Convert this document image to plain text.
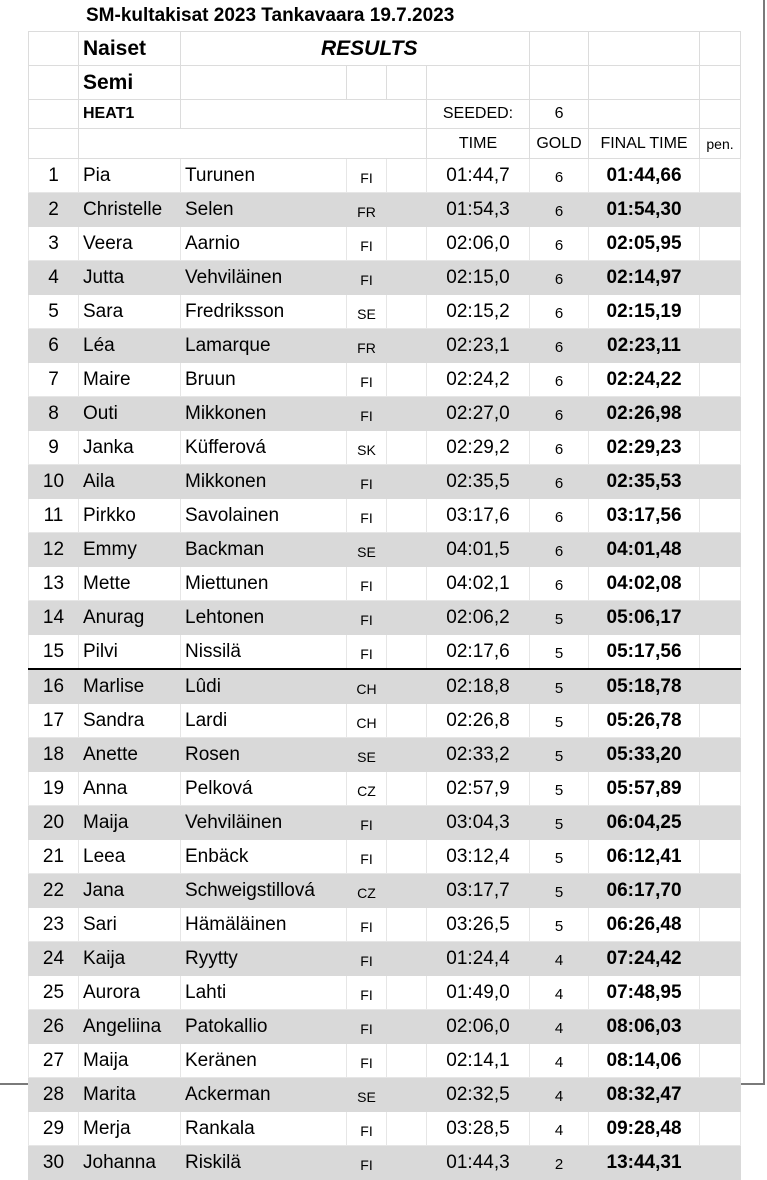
SM-kultakisat 2023 Tankavaara 19.7.2023
	Naiset	RESULTS						
	Semi							
	HEAT1				SEEDED:	6		
					TIME	GOLD	FINAL TIME	pen.
1	Pia	Turunen	FI		01:44,7	6	01:44,66	
2	Christelle	Selen	FR		01:54,3	6	01:54,30	
3	Veera	Aarnio	FI		02:06,0	6	02:05,95	
4	Jutta	Vehviläinen	FI		02:15,0	6	02:14,97	
5	Sara	Fredriksson	SE		02:15,2	6	02:15,19	
6	Léa	Lamarque	FR		02:23,1	6	02:23,11	
7	Maire	Bruun	FI		02:24,2	6	02:24,22	
8	Outi	Mikkonen	FI		02:27,0	6	02:26,98	
9	Janka	Küfferová	SK		02:29,2	6	02:29,23	
10	Aila	Mikkonen	FI		02:35,5	6	02:35,53	
11	Pirkko	Savolainen	FI		03:17,6	6	03:17,56	
12	Emmy	Backman	SE		04:01,5	6	04:01,48	
13	Mette	Miettunen	FI		04:02,1	6	04:02,08	
14	Anurag	Lehtonen	FI		02:06,2	5	05:06,17	
15	Pilvi	Nissilä	FI		02:17,6	5	05:17,56	
16	Marlise	Lûdi	CH		02:18,8	5	05:18,78	
17	Sandra	Lardi	CH		02:26,8	5	05:26,78	
18	Anette	Rosen	SE		02:33,2	5	05:33,20	
19	Anna	Pelková	CZ		02:57,9	5	05:57,89	
20	Maija	Vehviläinen	FI		03:04,3	5	06:04,25	
21	Leea	Enbäck	FI		03:12,4	5	06:12,41	
22	Jana	Schweigstillová	CZ		03:17,7	5	06:17,70	
23	Sari	Hämäläinen	FI		03:26,5	5	06:26,48	
24	Kaija	Ryytty	FI		01:24,4	4	07:24,42	
25	Aurora	Lahti	FI		01:49,0	4	07:48,95	
26	Angeliina	Patokallio	FI		02:06,0	4	08:06,03	
27	Maija	Keränen	FI		02:14,1	4	08:14,06	
28	Marita	Ackerman	SE		02:32,5	4	08:32,47	
29	Merja	Rankala	FI		03:28,5	4	09:28,48	
30	Johanna	Riskilä	FI		01:44,3	2	13:44,31	
